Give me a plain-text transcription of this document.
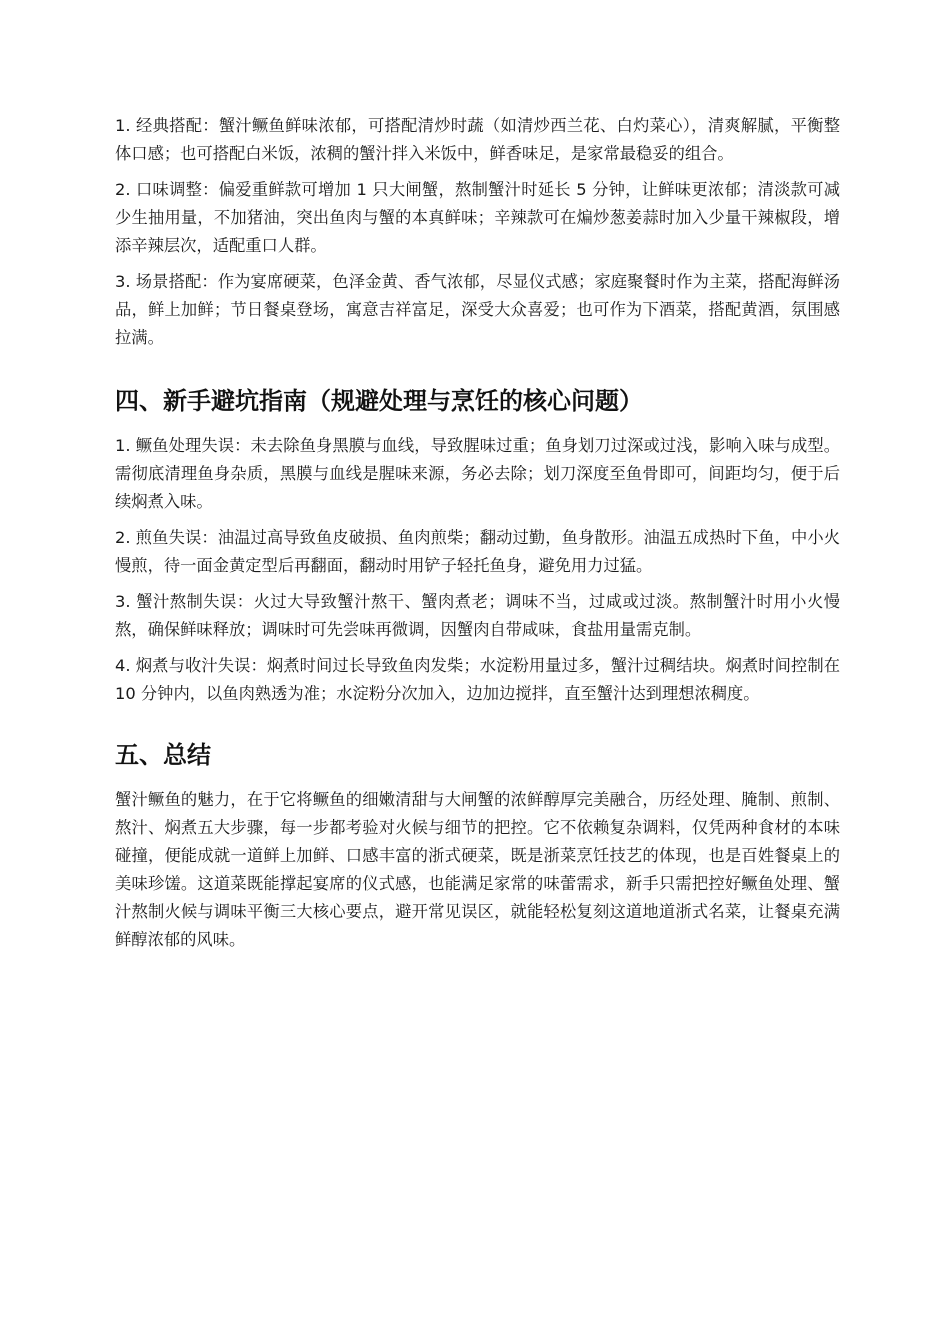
1. 经典搭配：蟹汁鳜鱼鲜味浓郁，可搭配清炒时蔬（如清炒西兰花、白灼菜心），清爽解腻，平衡整体口感；也可搭配白米饭，浓稠的蟹汁拌入米饭中，鲜香味足，是家常最稳妥的组合。

2. 口味调整：偏爱重鲜款可增加 1 只大闸蟹，熬制蟹汁时延长 5 分钟，让鲜味更浓郁；清淡款可减少生抽用量，不加猪油，突出鱼肉与蟹的本真鲜味；辛辣款可在煸炒葱姜蒜时加入少量干辣椒段，增添辛辣层次，适配重口人群。

3. 场景搭配：作为宴席硬菜，色泽金黄、香气浓郁，尽显仪式感；家庭聚餐时作为主菜，搭配海鲜汤品，鲜上加鲜；节日餐桌登场，寓意吉祥富足，深受大众喜爱；也可作为下酒菜，搭配黄酒，氛围感拉满。

四、新手避坑指南（规避处理与烹饪的核心问题）

1. 鳜鱼处理失误：未去除鱼身黑膜与血线，导致腥味过重；鱼身划刀过深或过浅，影响入味与成型。需彻底清理鱼身杂质，黑膜与血线是腥味来源，务必去除；划刀深度至鱼骨即可，间距均匀，便于后续焖煮入味。

2. 煎鱼失误：油温过高导致鱼皮破损、鱼肉煎柴；翻动过勤，鱼身散形。油温五成热时下鱼，中小火慢煎，待一面金黄定型后再翻面，翻动时用铲子轻托鱼身，避免用力过猛。

3. 蟹汁熬制失误：火过大导致蟹汁熬干、蟹肉煮老；调味不当，过咸或过淡。熬制蟹汁时用小火慢熬，确保鲜味释放；调味时可先尝味再微调，因蟹肉自带咸味，食盐用量需克制。

4. 焖煮与收汁失误：焖煮时间过长导致鱼肉发柴；水淀粉用量过多，蟹汁过稠结块。焖煮时间控制在 10 分钟内，以鱼肉熟透为准；水淀粉分次加入，边加边搅拌，直至蟹汁达到理想浓稠度。

五、总结

蟹汁鳜鱼的魅力，在于它将鳜鱼的细嫩清甜与大闸蟹的浓鲜醇厚完美融合，历经处理、腌制、煎制、熬汁、焖煮五大步骤，每一步都考验对火候与细节的把控。它不依赖复杂调料，仅凭两种食材的本味碰撞，便能成就一道鲜上加鲜、口感丰富的浙式硬菜，既是浙菜烹饪技艺的体现，也是百姓餐桌上的美味珍馐。这道菜既能撑起宴席的仪式感，也能满足家常的味蕾需求，新手只需把控好鳜鱼处理、蟹汁熬制火候与调味平衡三大核心要点，避开常见误区，就能轻松复刻这道地道浙式名菜，让餐桌充满鲜醇浓郁的风味。
